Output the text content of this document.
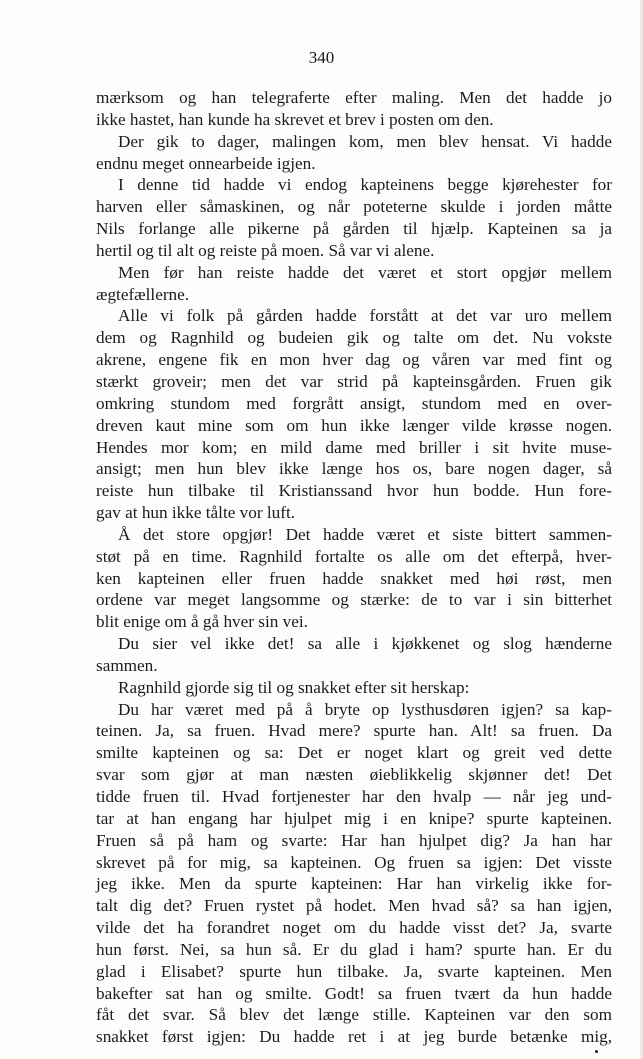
340
mærksom og han telegraferte efter maling. Men det hadde jo
ikke hastet, han kunde ha skrevet et brev i posten om den.
Der gik to dager, malingen kom, men blev hensat. Vi hadde
endnu meget onnearbeide igjen.
I denne tid hadde vi endog kapteinens begge kjørehester for
harven eller såmaskinen, og når poteterne skulde i jorden måtte
Nils forlange alle pikerne på gården til hjælp. Kapteinen sa ja
hertil og til alt og reiste på moen. Så var vi alene.
Men før han reiste hadde det været et stort opgjør mellem
ægtefællerne.
Alle vi folk på gården hadde forstått at det var uro mellem
dem og Ragnhild og budeien gik og talte om det. Nu vokste
akrene, engene fik en mon hver dag og våren var med fint og
stærkt groveir; men det var strid på kapteinsgården. Fruen gik
omkring stundom med forgrått ansigt, stundom med en over-
dreven kaut mine som om hun ikke længer vilde krøsse nogen.
Hendes mor kom; en mild dame med briller i sit hvite muse-
ansigt; men hun blev ikke længe hos os, bare nogen dager, så
reiste hun tilbake til Kristianssand hvor hun bodde. Hun fore-
gav at hun ikke tålte vor luft.
Å det store opgjør! Det hadde været et siste bittert sammen-
støt på en time. Ragnhild fortalte os alle om det efterpå, hver-
ken kapteinen eller fruen hadde snakket med høi røst, men
ordene var meget langsomme og stærke: de to var i sin bitterhet
blit enige om å gå hver sin vei.
Du sier vel ikke det! sa alle i kjøkkenet og slog hænderne
sammen.
Ragnhild gjorde sig til og snakket efter sit herskap:
Du har været med på å bryte op lysthusdøren igjen? sa kap-
teinen. Ja, sa fruen. Hvad mere? spurte han. Alt! sa fruen. Da
smilte kapteinen og sa: Det er noget klart og greit ved dette
svar som gjør at man næsten øieblikkelig skjønner det! Det
tidde fruen til. Hvad fortjenester har den hvalp — når jeg und-
tar at han engang har hjulpet mig i en knipe? spurte kapteinen.
Fruen så på ham og svarte: Har han hjulpet dig? Ja han har
skrevet på for mig, sa kapteinen. Og fruen sa igjen: Det visste
jeg ikke. Men da spurte kapteinen: Har han virkelig ikke for-
talt dig det? Fruen rystet på hodet. Men hvad så? sa han igjen,
vilde det ha forandret noget om du hadde visst det? Ja, svarte
hun først. Nei, sa hun så. Er du glad i ham? spurte han. Er du
glad i Elisabet? spurte hun tilbake. Ja, svarte kapteinen. Men
bakefter sat han og smilte. Godt! sa fruen tvært da hun hadde
fåt det svar. Så blev det længe stille. Kapteinen var den som
snakket først igjen: Du hadde ret i at jeg burde betænke mig,
